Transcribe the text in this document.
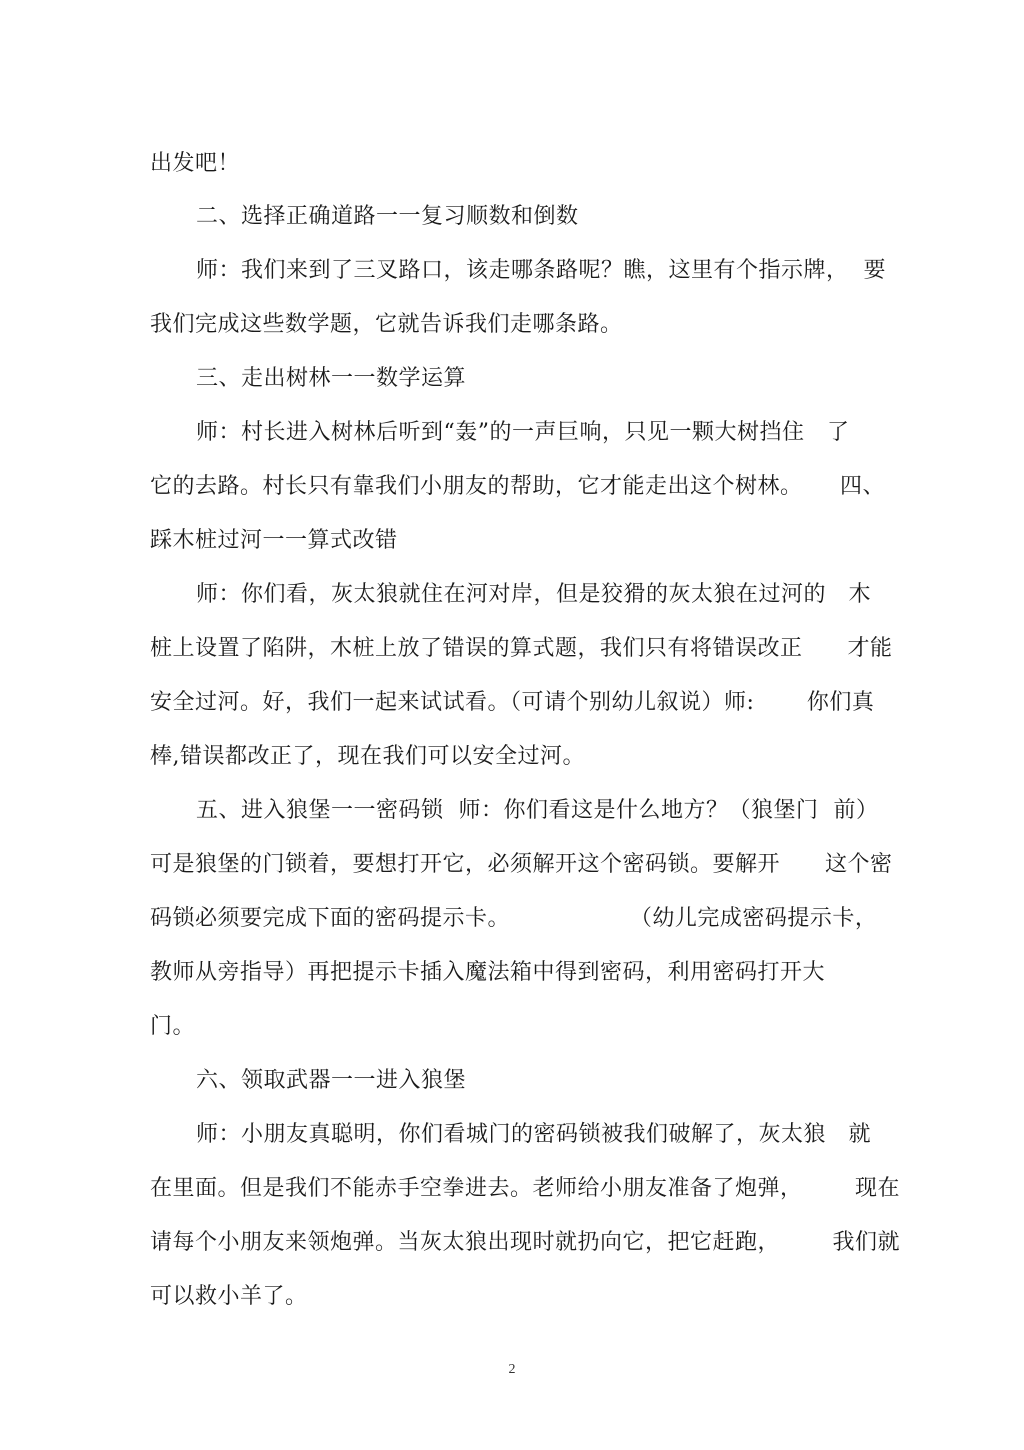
出发吧！
二、选择正确道路一一复习顺数和倒数
师：我们来到了三叉路口，该走哪条路呢？瞧，这里有个指示牌，  要
我们完成这些数学题，它就告诉我们走哪条路。
三、走出树林一一数学运算
师：村长进入树林后听到“轰”的一声巨响，只见一颗大树挡住   了
它的去路。村长只有靠我们小朋友的帮助，它才能走出这个树林。     四、
踩木桩过河一一算式改错
师：你们看，灰太狼就住在河对岸，但是狡猾的灰太狼在过河的   木
桩上设置了陷阱，木桩上放了错误的算式题，我们只有将错误改正      才能
安全过河。好，我们一起来试试看。（可请个别幼儿叙说）师:       你们真
棒,错误都改正了，现在我们可以安全过河。
五、进入狼堡一一密码锁  师：你们看这是什么地方？（狼堡门  前）
可是狼堡的门锁着，要想打开它，必须解开这个密码锁。要解开      这个密
码锁必须要完成下面的密码提示卡。                （幼儿完成密码提示卡，
教师从旁指导）再把提示卡插入魔法箱中得到密码，利用密码打开大
门。
六、领取武器一一进入狼堡
师：小朋友真聪明，你们看城门的密码锁被我们破解了，灰太狼   就
在里面。但是我们不能赤手空拳进去。老师给小朋友准备了炮弹，       现在
请每个小朋友来领炮弹。当灰太狼出现时就扔向它，把它赶跑，       我们就
可以救小羊了。
2
